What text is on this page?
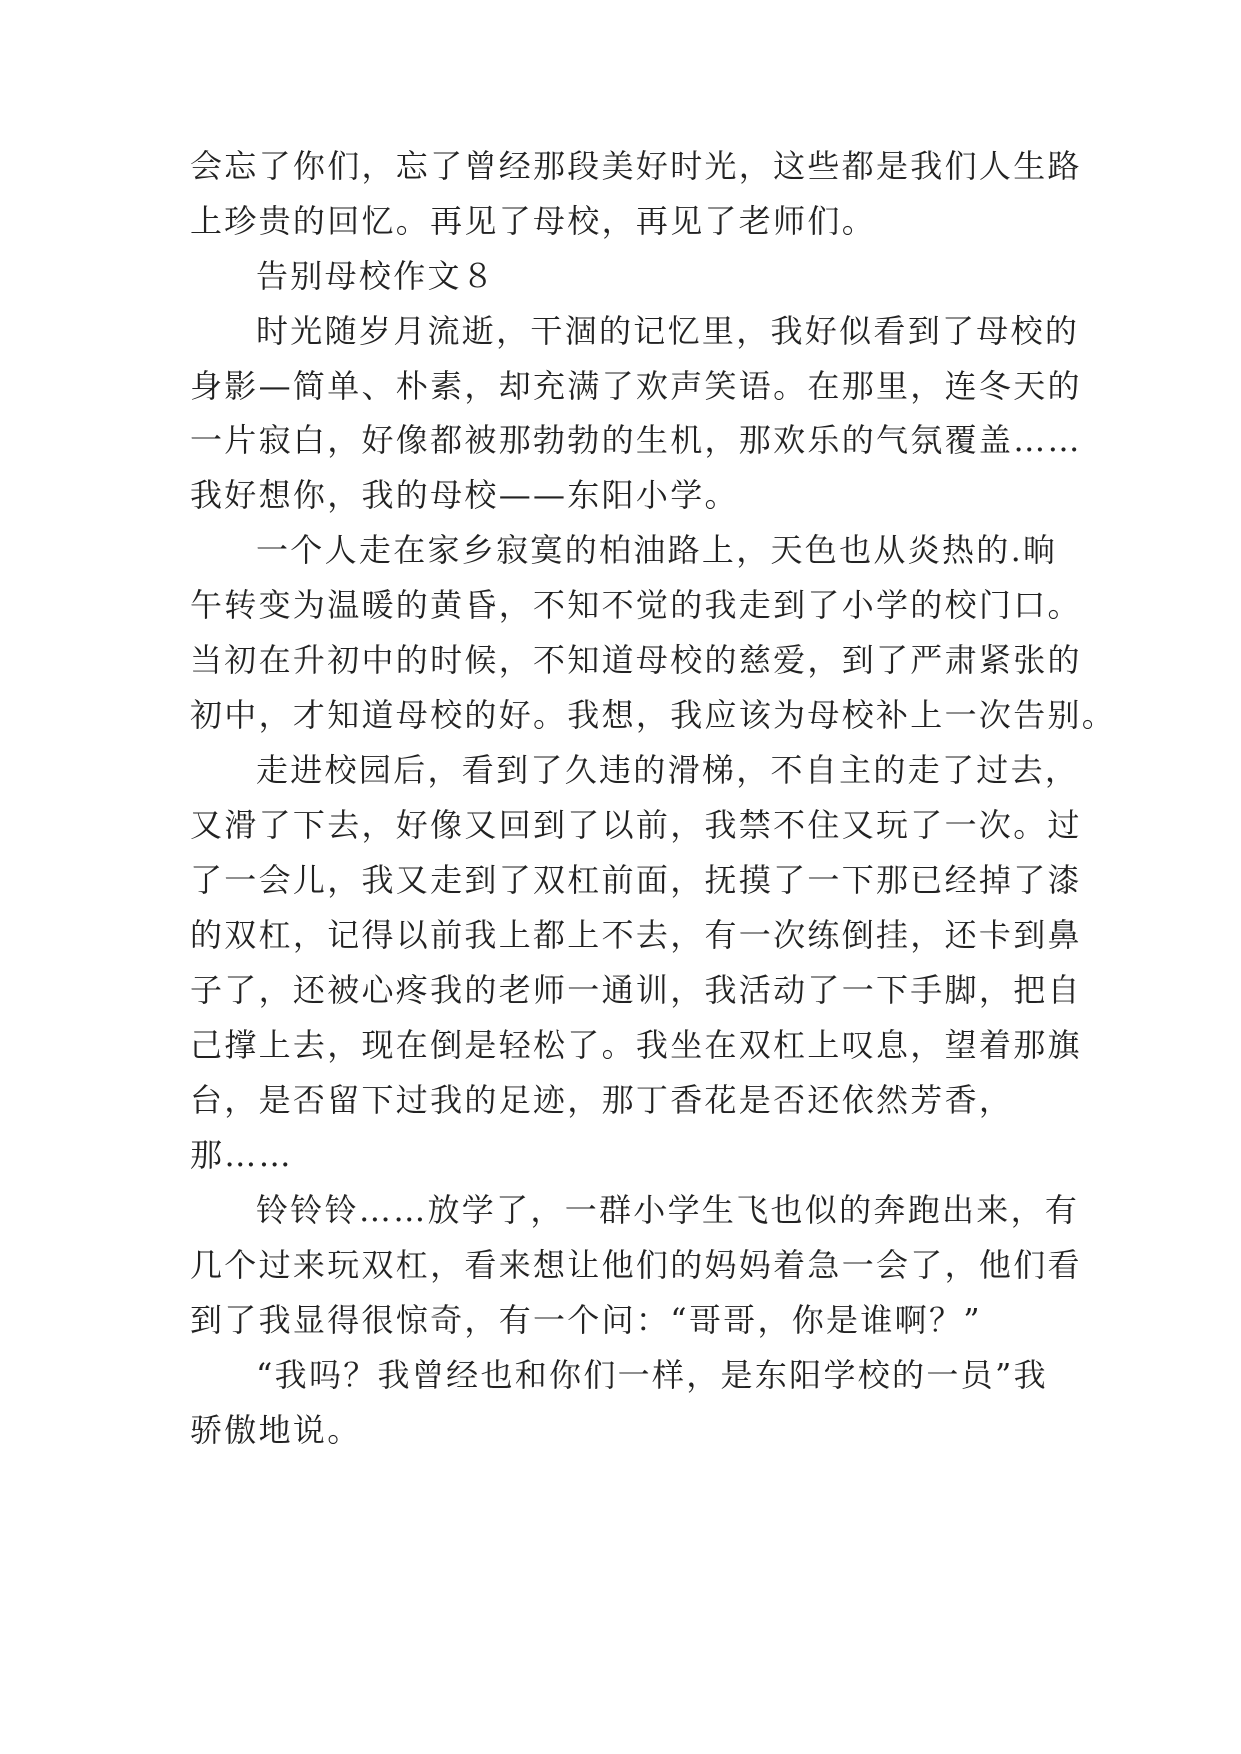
会忘了你们，忘了曾经那段美好时光，这些都是我们人生路
上珍贵的回忆。再见了母校，再见了老师们。
告别母校作文８
时光随岁月流逝，干涸的记忆里，我好似看到了母校的
身影—简单、朴素，却充满了欢声笑语。在那里，连冬天的
一片寂白，好像都被那勃勃的生机，那欢乐的气氛覆盖……
我好想你，我的母校——东阳小学。
一个人走在家乡寂寞的柏油路上，天色也从炎热的.晌
午转变为温暖的黄昏，不知不觉的我走到了小学的校门口。
当初在升初中的时候，不知道母校的慈爱，到了严肃紧张的
初中，才知道母校的好。我想，我应该为母校补上一次告别。
走进校园后，看到了久违的滑梯，不自主的走了过去，
又滑了下去，好像又回到了以前，我禁不住又玩了一次。过
了一会儿，我又走到了双杠前面，抚摸了一下那已经掉了漆
的双杠，记得以前我上都上不去，有一次练倒挂，还卡到鼻
子了，还被心疼我的老师一通训，我活动了一下手脚，把自
己撑上去，现在倒是轻松了。我坐在双杠上叹息，望着那旗
台，是否留下过我的足迹，那丁香花是否还依然芳香，
那……
铃铃铃……放学了，一群小学生飞也似的奔跑出来，有
几个过来玩双杠，看来想让他们的妈妈着急一会了，他们看
到了我显得很惊奇，有一个问：“哥哥，你是谁啊？”
“我吗？我曾经也和你们一样，是东阳学校的一员”我
骄傲地说。
